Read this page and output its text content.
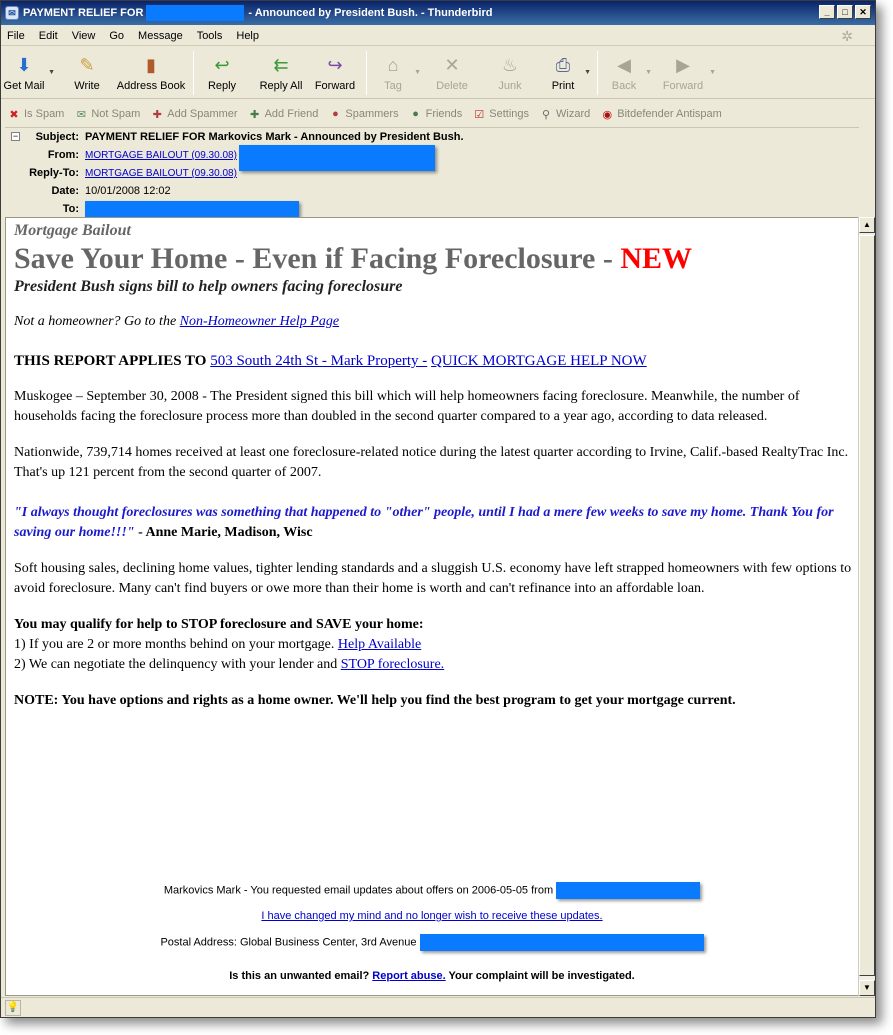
✉ PAYMENT RELIEF FOR	- Announced by President Bush. - Thunderbird	_	□	✕
File Edit View Go Message Tools Help	✲
⬇
Get Mail
▼	✎
Write
▮
Address Book
↩
Reply
⇇
Reply All
↪
Forward
⌂
Tag
▼	✕
Delete
♨
Junk
⎙
Print
▼	◀
Back
▼	▶
Forward
▼
✖ Is Spam ✉ Not Spam ✚ Add Spammer ✚ Add Friend	● Spammers	● Friends ☑ Settings ⚲ Wizard ◉ Bitdefender Antispam
−	Subject: PAYMENT RELIEF FOR Markovics Mark - Announced by President Bush.
From: MORTGAGE BAILOUT (09.30.08)
Reply-To: MORTGAGE BAILOUT (09.30.08)
Date: 10/01/2008 12:02
To:
Mortgage Bailout
Save Your Home - Even if Facing Foreclosure - NEW
President Bush signs bill to help owners facing foreclosure
Not a homeowner? Go to the Non-Homeowner Help Page
THIS REPORT APPLIES TO 503 South 24th St - Mark Property - QUICK MORTGAGE HELP NOW
Muskogee – September 30, 2008 - The President signed this bill which will help homeowners facing foreclosure. Meanwhile, the number of households facing the foreclosure process more than doubled in the second quarter compared to a year ago, according to data released.
Nationwide, 739,714 homes received at least one foreclosure-related notice during the latest quarter according to Irvine, Calif.-based RealtyTrac Inc. That's up 121 percent from the second quarter of 2007.
"I always thought foreclosures was something that happened to "other" people, until I had a mere few weeks to save my home. Thank You for saving our home!!!" - Anne Marie, Madison, Wisc
Soft housing sales, declining home values, tighter lending standards and a sluggish U.S. economy have left strapped homeowners with few options to avoid foreclosure. Many can't find buyers or owe more than their home is worth and can't refinance into an affordable loan.
You may qualify for help to STOP foreclosure and SAVE your home:
1) If you are 2 or more months behind on your mortgage. Help Available
2) We can negotiate the delinquency with your lender and STOP foreclosure.
NOTE: You have options and rights as a home owner. We'll help you find the best program to get your mortgage current.
Markovics Mark - You requested email updates about offers on 2006-05-05 from
I have changed my mind and no longer wish to receive these updates.
Postal Address: Global Business Center, 3rd Avenue
Is this an unwanted email? Report abuse. Your complaint will be investigated.
▲
▼
💡
